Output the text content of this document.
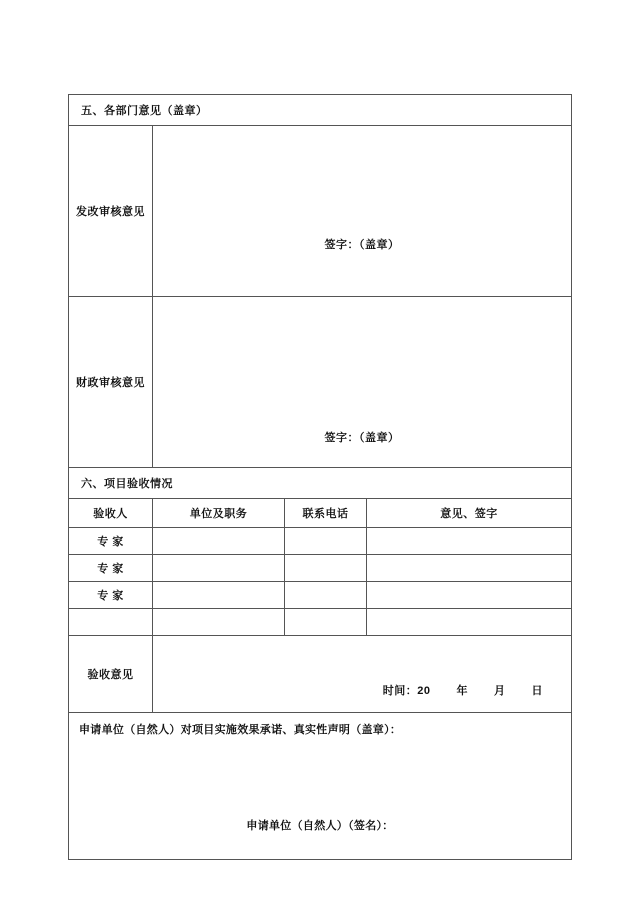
五、各部门意见（盖章）			
发改审核意见	签字：（盖章）		

财政审核意见	签字：（盖章）		

六、项目验收情况			
验收人	单位及职务	联系电话	意见、签字
专 家			
专 家			
专 家			

验收意见	时间：20 年 月 日		

申请单位（自然人）对项目实施效果承诺、真实性声明（盖章）：
申请单位（自然人）（签名）：			
